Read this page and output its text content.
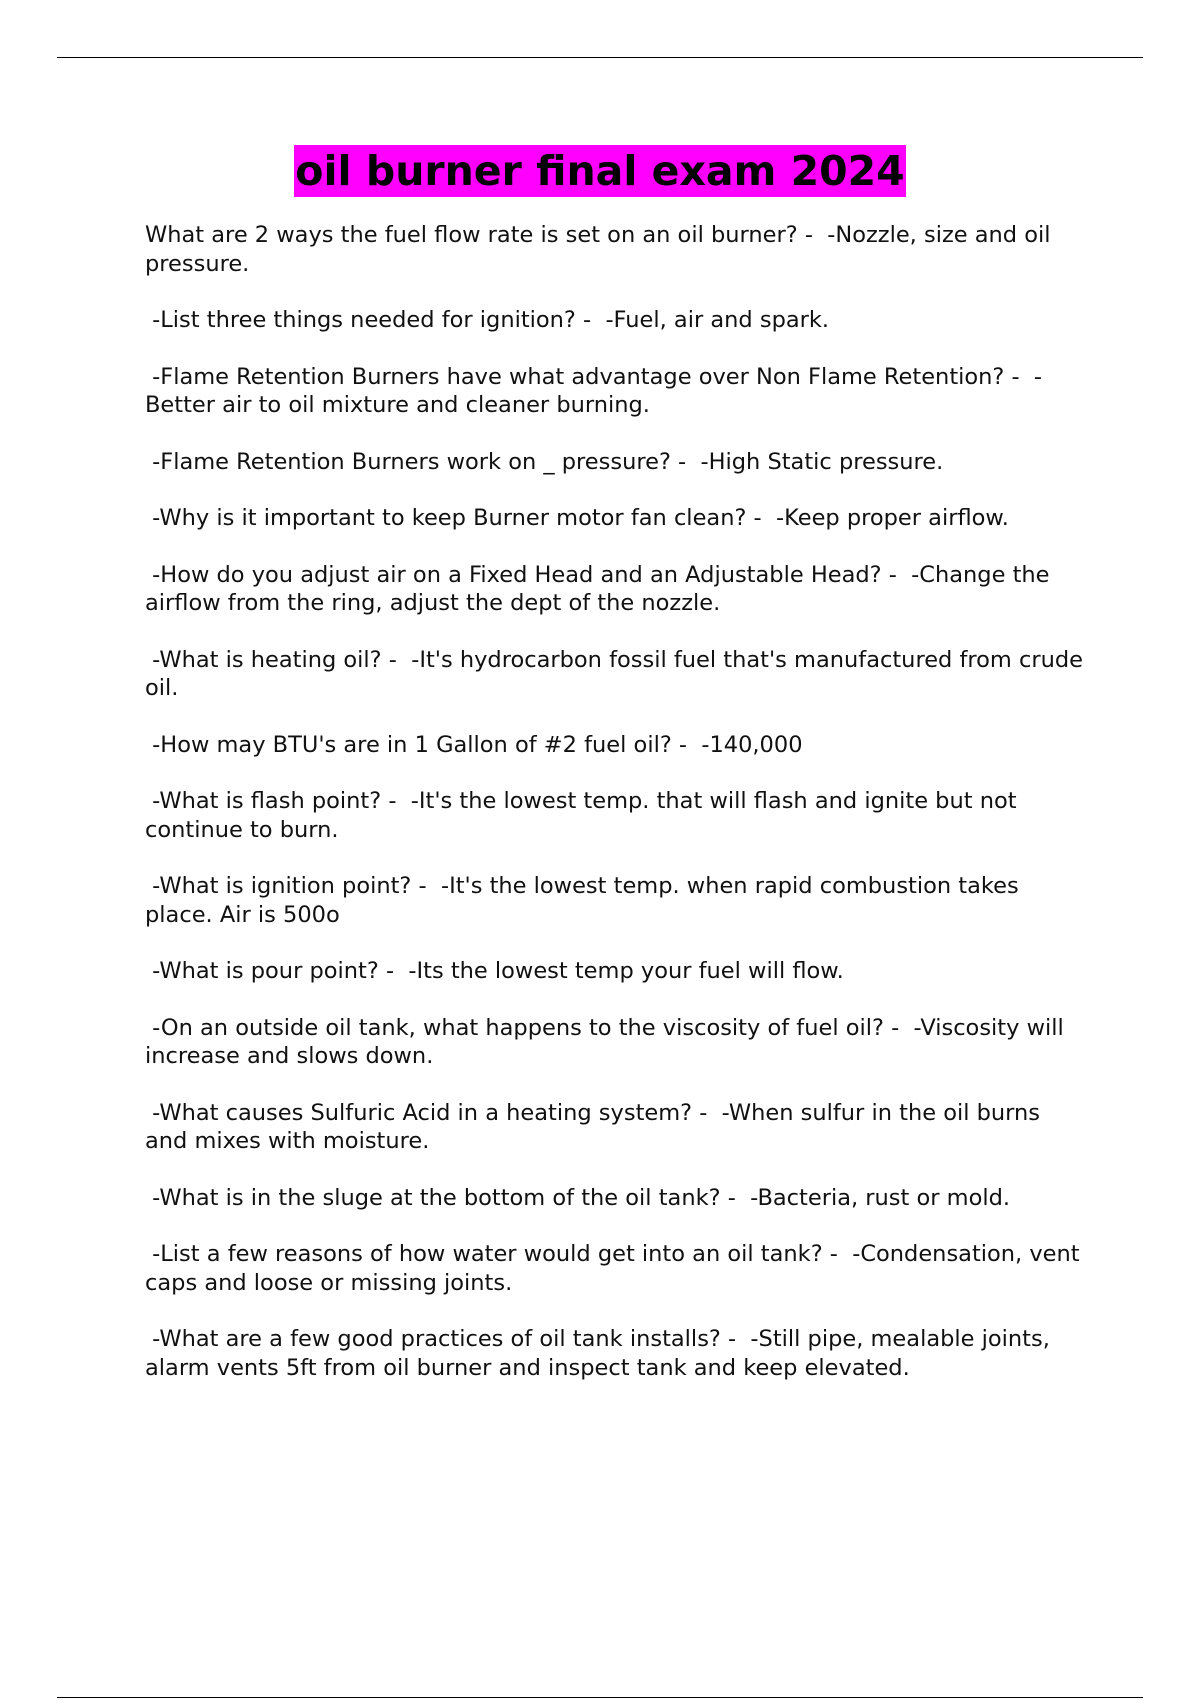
oil burner final exam 2024

What are 2 ways the fuel flow rate is set on an oil burner? -  -Nozzle, size and oil pressure.

-List three things needed for ignition? -  -Fuel, air and spark.

-Flame Retention Burners have what advantage over Non Flame Retention? -  -Better air to oil mixture and cleaner burning.

-Flame Retention Burners work on _ pressure? -  -High Static pressure.

-Why is it important to keep Burner motor fan clean? -  -Keep proper airflow.

-How do you adjust air on a Fixed Head and an Adjustable Head? -  -Change the airflow from the ring, adjust the dept of the nozzle.

-What is heating oil? -  -It's hydrocarbon fossil fuel that's manufactured from crude oil.

-How may BTU's are in 1 Gallon of #2 fuel oil? -  -140,000

-What is flash point? -  -It's the lowest temp. that will flash and ignite but not continue to burn.

-What is ignition point? -  -It's the lowest temp. when rapid combustion takes place. Air is 500o

-What is pour point? -  -Its the lowest temp your fuel will flow.

-On an outside oil tank, what happens to the viscosity of fuel oil? -  -Viscosity will increase and slows down.

-What causes Sulfuric Acid in a heating system? -  -When sulfur in the oil burns and mixes with moisture.

-What is in the sluge at the bottom of the oil tank? -  -Bacteria, rust or mold.

-List a few reasons of how water would get into an oil tank? -  -Condensation, vent caps and loose or missing joints.

-What are a few good practices of oil tank installs? -  -Still pipe, mealable joints, alarm vents 5ft from oil burner and inspect tank and keep elevated.
